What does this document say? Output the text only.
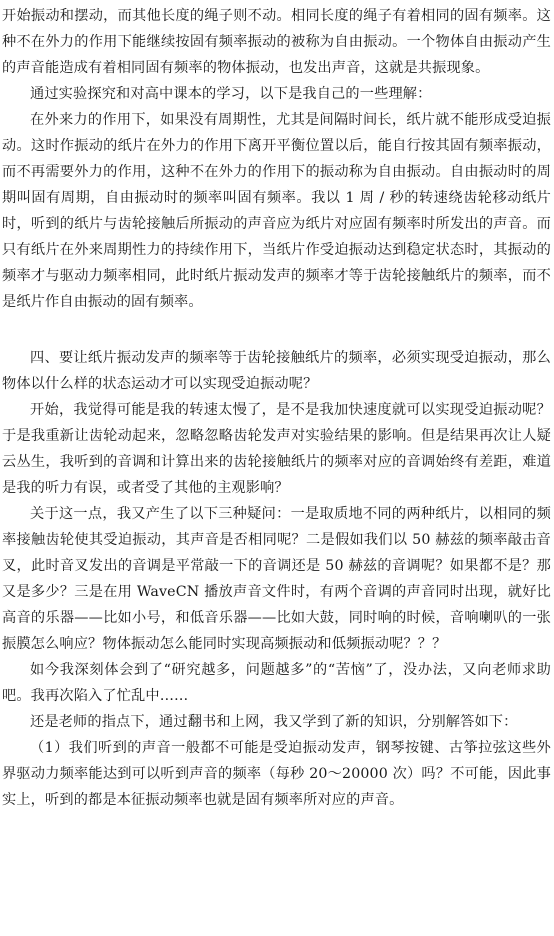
开始振动和摆动，而其他长度的绳子则不动。相同长度的绳子有着相同的固有频率。这种不在外力的作用下能继续按固有频率振动的被称为自由振动。一个物体自由振动产生的声音能造成有着相同固有频率的物体振动，也发出声音，这就是共振现象。

通过实验探究和对高中课本的学习，以下是我自己的一些理解：

在外来力的作用下，如果没有周期性，尤其是间隔时间长，纸片就不能形成受迫振动。这时作振动的纸片在外力的作用下离开平衡位置以后，能自行按其固有频率振动，而不再需要外力的作用，这种不在外力的作用下的振动称为自由振动。自由振动时的周期叫固有周期，自由振动时的频率叫固有频率。我以 1 周 / 秒的转速绕齿轮移动纸片时，听到的纸片与齿轮接触后所振动的声音应为纸片对应固有频率时所发出的声音。而只有纸片在外来周期性力的持续作用下，当纸片作受迫振动达到稳定状态时，其振动的频率才与驱动力频率相同，此时纸片振动发声的频率才等于齿轮接触纸片的频率，而不是纸片作自由振动的固有频率。

四、要让纸片振动发声的频率等于齿轮接触纸片的频率，必须实现受迫振动，那么物体以什么样的状态运动才可以实现受迫振动呢？

开始，我觉得可能是我的转速太慢了，是不是我加快速度就可以实现受迫振动呢？于是我重新让齿轮动起来，忽略忽略齿轮发声对实验结果的影响。但是结果再次让人疑云丛生，我听到的音调和计算出来的齿轮接触纸片的频率对应的音调始终有差距，难道是我的听力有误，或者受了其他的主观影响？

关于这一点，我又产生了以下三种疑问：一是取质地不同的两种纸片，以相同的频率接触齿轮使其受迫振动，其声音是否相同呢？二是假如我们以 50 赫兹的频率敲击音叉，此时音叉发出的音调是平常敲一下的音调还是 50 赫兹的音调呢？如果都不是？那又是多少？三是在用 WaveCN 播放声音文件时，有两个音调的声音同时出现，就好比高音的乐器——比如小号，和低音乐器——比如大鼓，同时响的时候，音响喇叭的一张振膜怎么响应？物体振动怎么能同时实现高频振动和低频振动呢？？？

如今我深刻体会到了“研究越多，问题越多”的“苦恼”了，没办法，又向老师求助吧。我再次陷入了忙乱中……

还是老师的指点下，通过翻书和上网，我又学到了新的知识，分别解答如下：

（1）我们听到的声音一般都不可能是受迫振动发声，钢琴按键、古筝拉弦这些外界驱动力频率能达到可以听到声音的频率（每秒 20～20000 次）吗？不可能，因此事实上，听到的都是本征振动频率也就是固有频率所对应的声音。
